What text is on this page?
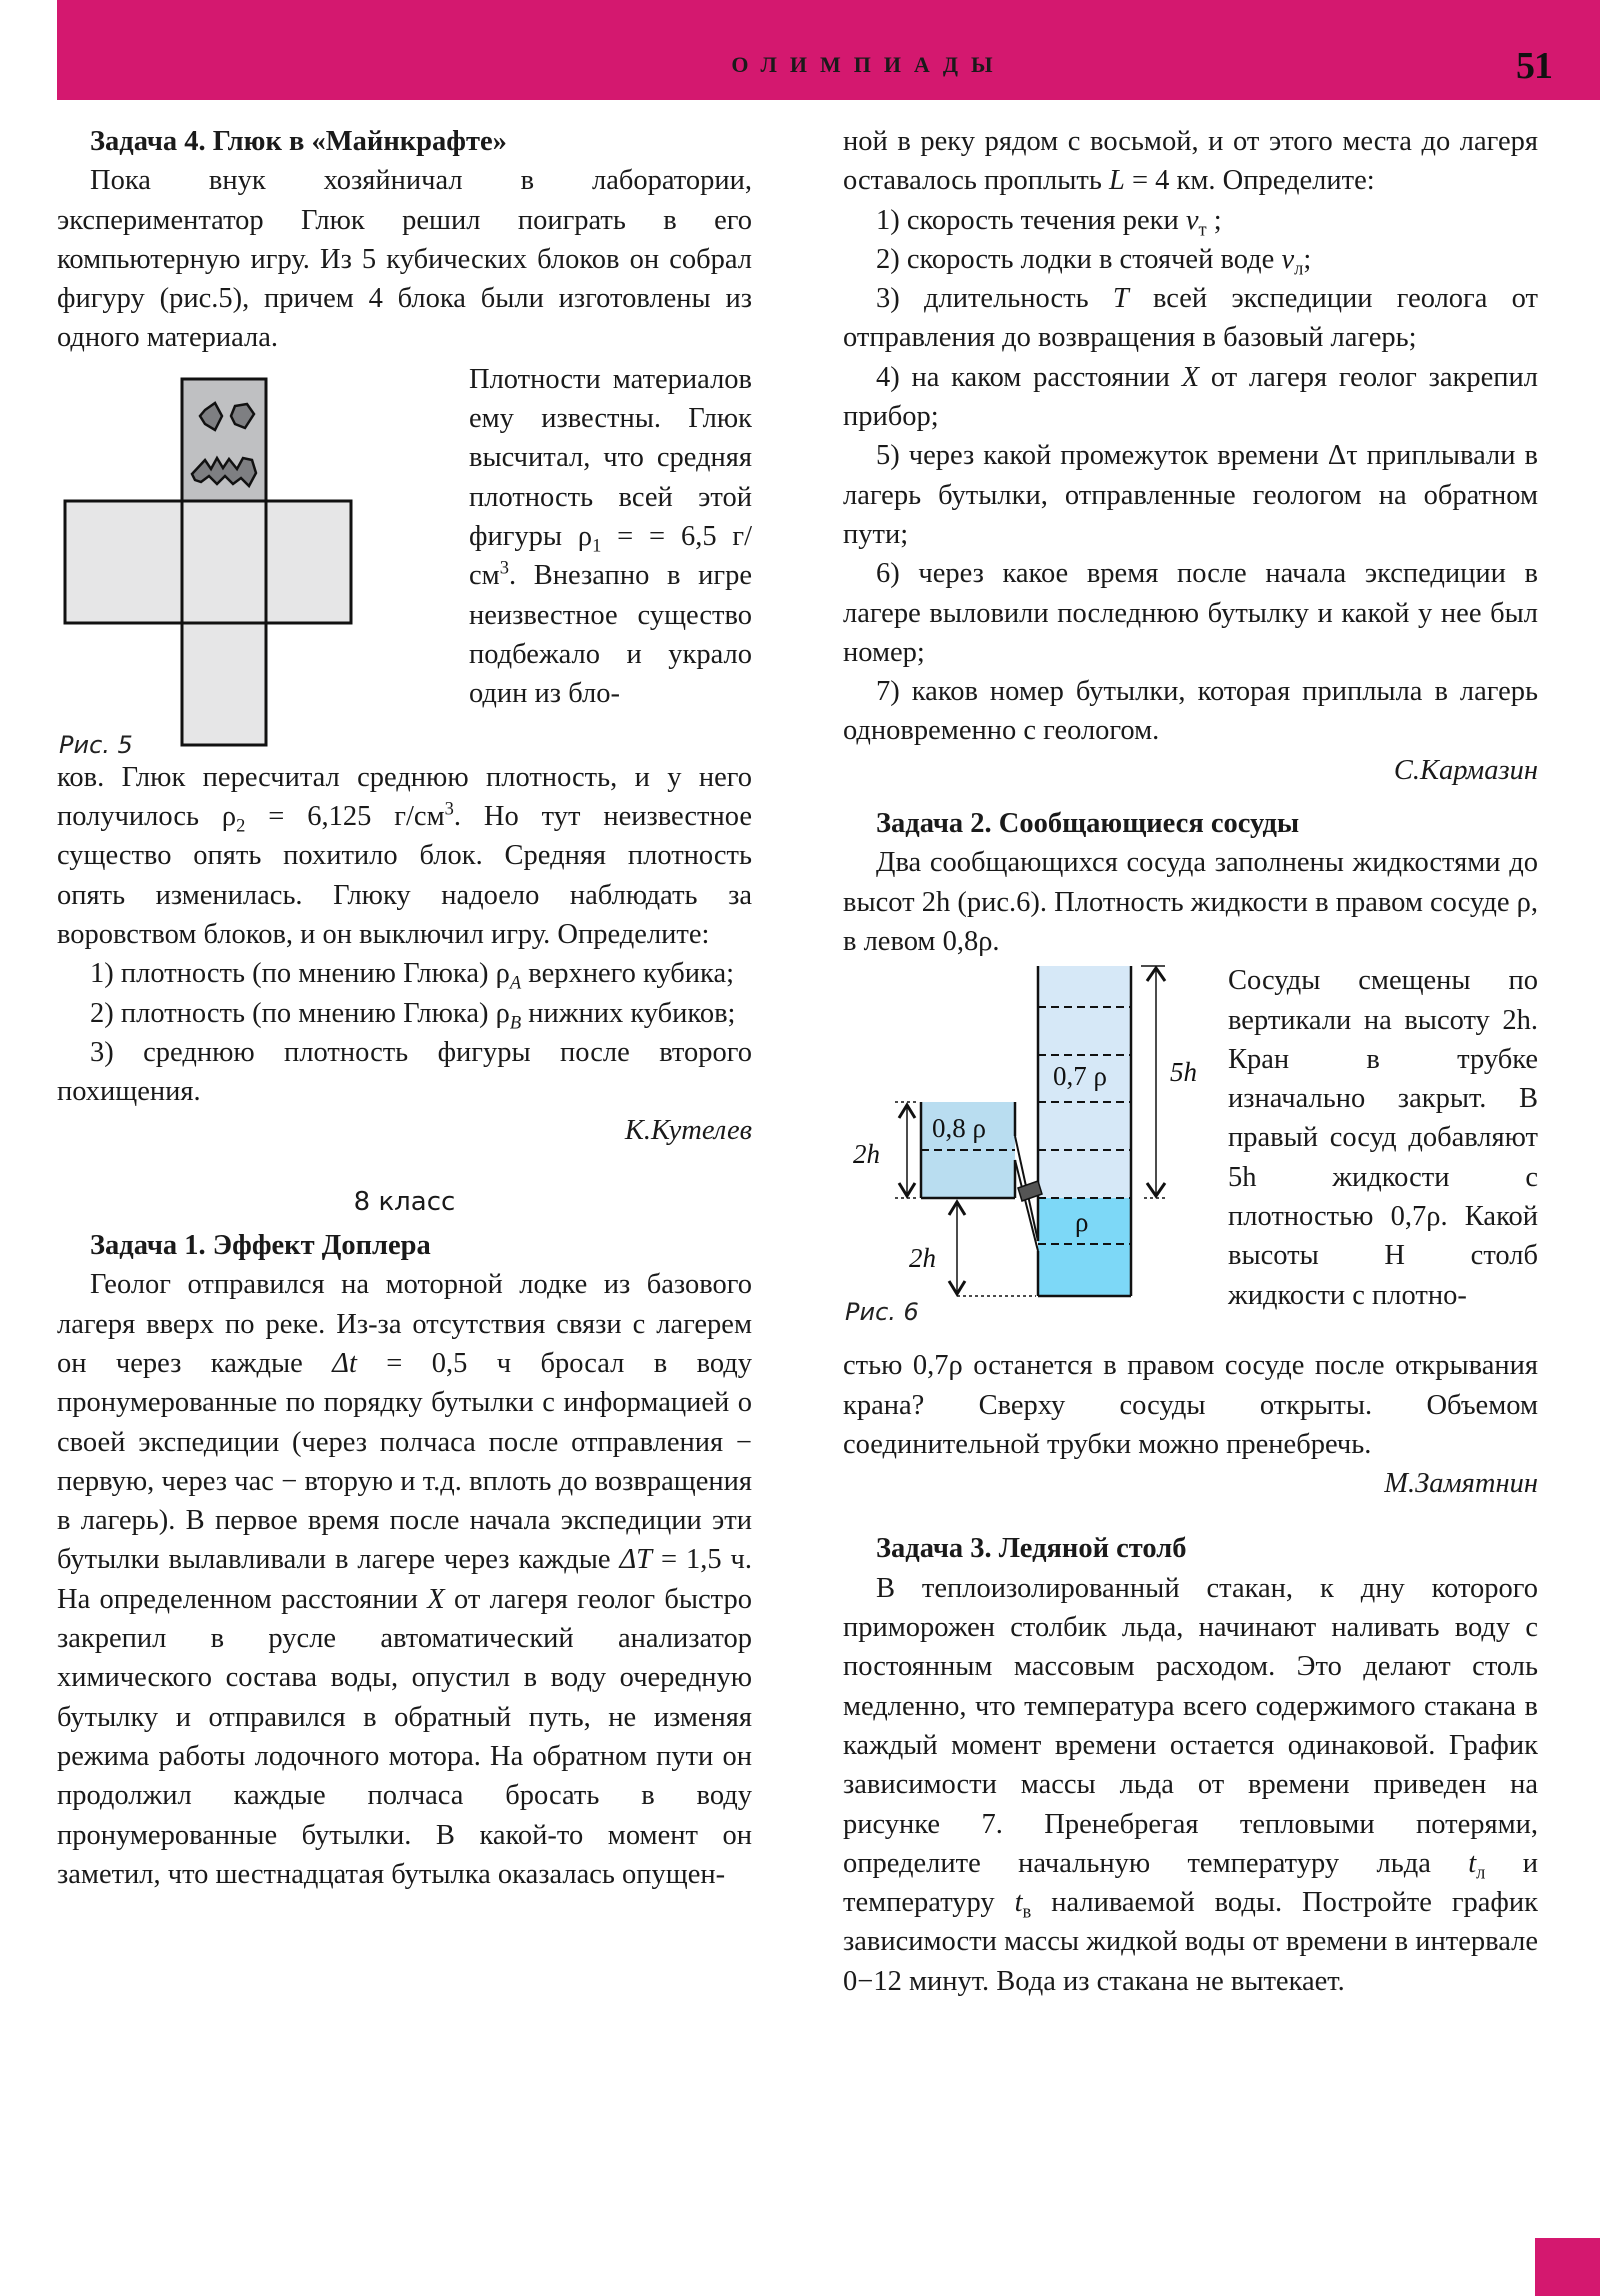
ОЛИМПИАДЫ	51
Задача 4. Глюк в «Майнкрафте»
Пока внук хозяйничал в лаборатории, экспериментатор Глюк решил поиграть в его компьютерную игру. Из 5 кубических блоков он собрал фигуру (рис.5), причем 4 блока были изготовлены из одного материала.
Рис. 5
Плотности материалов ему известны. Глюк высчитал, что средняя плотность всей этой фигуры $\rho_1$ = = 6,5 $г/см^3$. Внезапно в игре неизвестное существо подбежало и украло один из бло-
ков. Глюк пересчитал среднюю плотность, и у него получилось $\rho_2 = 6,125$ $г/см^3$. Но тут неизвестное существо опять похитило блок. Средняя плотность опять изменилась. Глюку надоело наблюдать за воровством блоков, и он выключил игру. Определите:
1) плотность (по мнению Глюка) $\rho_A$ верхнего кубика;
2) плотность (по мнению Глюка) $\rho_B$ нижних кубиков;
3) среднюю плотность фигуры после второго похищения.
К.Кутелев
8 класс
Задача 1. Эффект Доплера
Геолог отправился на моторной лодке из базового лагеря вверх по реке. Из-за отсутствия связи с лагерем он через каждые Δt = 0,5 ч бросал в воду пронумерованные по порядку бутылки с информацией о своей экспедиции (через полчаса после отправления − первую, через час − вторую и т.д. вплоть до возвращения в лагерь). В первое время после начала экспедиции эти бутылки вылавливали в лагере через каждые ΔT = 1,5 ч. На определенном расстоянии X от лагеря геолог быстро закрепил в русле автоматический анализатор химического состава воды, опустил в воду очередную бутылку и отправился в обратный путь, не изменяя режима работы лодочного мотора. На обратном пути он продолжил каждые полчаса бросать в воду пронумерованные бутылки. В какой-то момент он заметил, что шестнадцатая бутылка оказалась опущен-
ной в реку рядом с восьмой, и от этого места до лагеря оставалось проплыть L = 4 км. Определите:
1) скорость течения реки $v_т$ ;
2) скорость лодки в стоячей воде $v_л$;
3) длительность T всей экспедиции геолога от отправления до возвращения в базовый лагерь;
4) на каком расстоянии X от лагеря геолог закрепил прибор;
5) через какой промежуток времени Δτ приплывали в лагерь бутылки, отправленные геологом на обратном пути;
6) через какое время после начала экспедиции в лагере выловили последнюю бутылку и какой у нее был номер;
7) каков номер бутылки, которая приплыла в лагерь одновременно с геологом.
С.Кармазин
Задача 2. Сообщающиеся сосуды
Два сообщающихся сосуда заполнены жидкостями до высот 2h (рис.6). Плотность жидкости в правом сосуде ρ, в левом 0,8ρ.
0,7 ρ
ρ
5h
0,8 ρ
2h
2h
Рис. 6
Сосуды смещены по вертикали на высоту 2h. Кран в трубке изначально закрыт. В правый сосуд добавляют 5h жидкости с плотностью 0,7ρ. Какой высоты H столб жидкости с плотно-
стью 0,7ρ останется в правом сосуде после открывания крана? Сверху сосуды открыты. Объемом соединительной трубки можно пренебречь.
М.Замятнин
Задача 3. Ледяной столб
В теплоизолированный стакан, к дну которого приморожен столбик льда, начинают наливать воду с постоянным массовым расходом. Это делают столь медленно, что температура всего содержимого стакана в каждый момент времени остается одинаковой. График зависимости массы льда от времени приведен на рисунке 7. Пренебрегая тепловыми потерями, определите начальную температуру льда $t_л$ и температуру $t_в$ наливаемой воды. Постройте график зависимости массы жидкой воды от времени в интервале 0−12 минут. Вода из стакана не вытекает.
